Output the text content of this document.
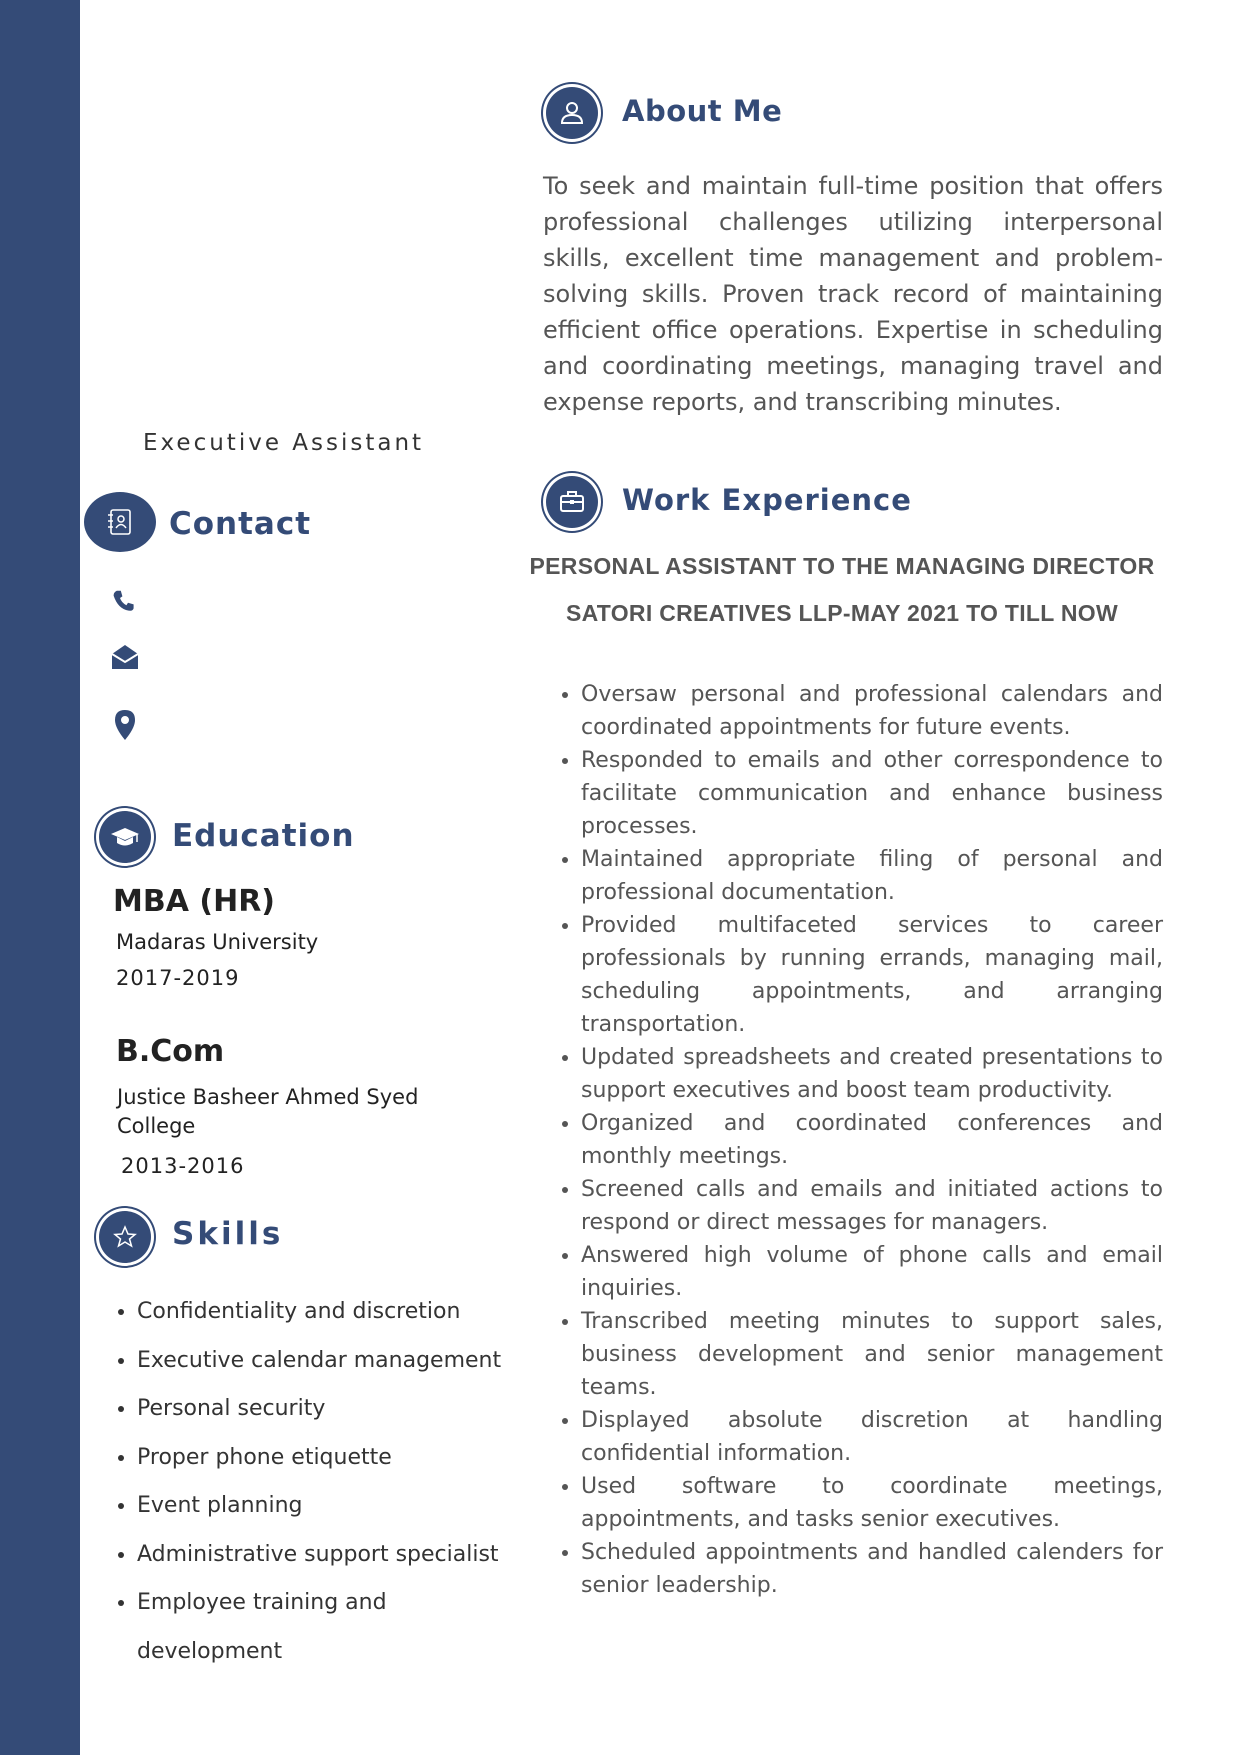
Executive Assistant
Contact
Education
MBA (HR)
Madaras University
2017-2019
B.Com
Justice Basheer Ahmed Syed College
2013-2016
Skills
• Confidentiality and discretion
• Executive calendar management
• Personal security
• Proper phone etiquette
• Event planning
• Administrative support specialist
• Employee training and development
About Me
To seek and maintain full-time position that offers professional challenges utilizing interpersonal skills, excellent time management and problem-solving skills. Proven track record of maintaining efficient office operations. Expertise in scheduling and coordinating meetings, managing travel and expense reports, and transcribing minutes.
Work Experience
PERSONAL ASSISTANT TO THE MANAGING DIRECTOR
SATORI CREATIVES LLP-MAY 2021 TO TILL NOW
• Oversaw personal and professional calendars and coordinated appointments for future events.
• Responded to emails and other correspondence to facilitate communication and enhance business processes.
• Maintained appropriate filing of personal and professional documentation.
• Provided multifaceted services to career professionals by running errands, managing mail, scheduling appointments, and arranging transportation.
• Updated spreadsheets and created presentations to support executives and boost team productivity.
• Organized and coordinated conferences and monthly meetings.
• Screened calls and emails and initiated actions to respond or direct messages for managers.
• Answered high volume of phone calls and email inquiries.
• Transcribed meeting minutes to support sales, business development and senior management teams.
• Displayed absolute discretion at handling confidential information.
• Used software to coordinate meetings, appointments, and tasks senior executives.
• Scheduled appointments and handled calenders for senior leadership.
